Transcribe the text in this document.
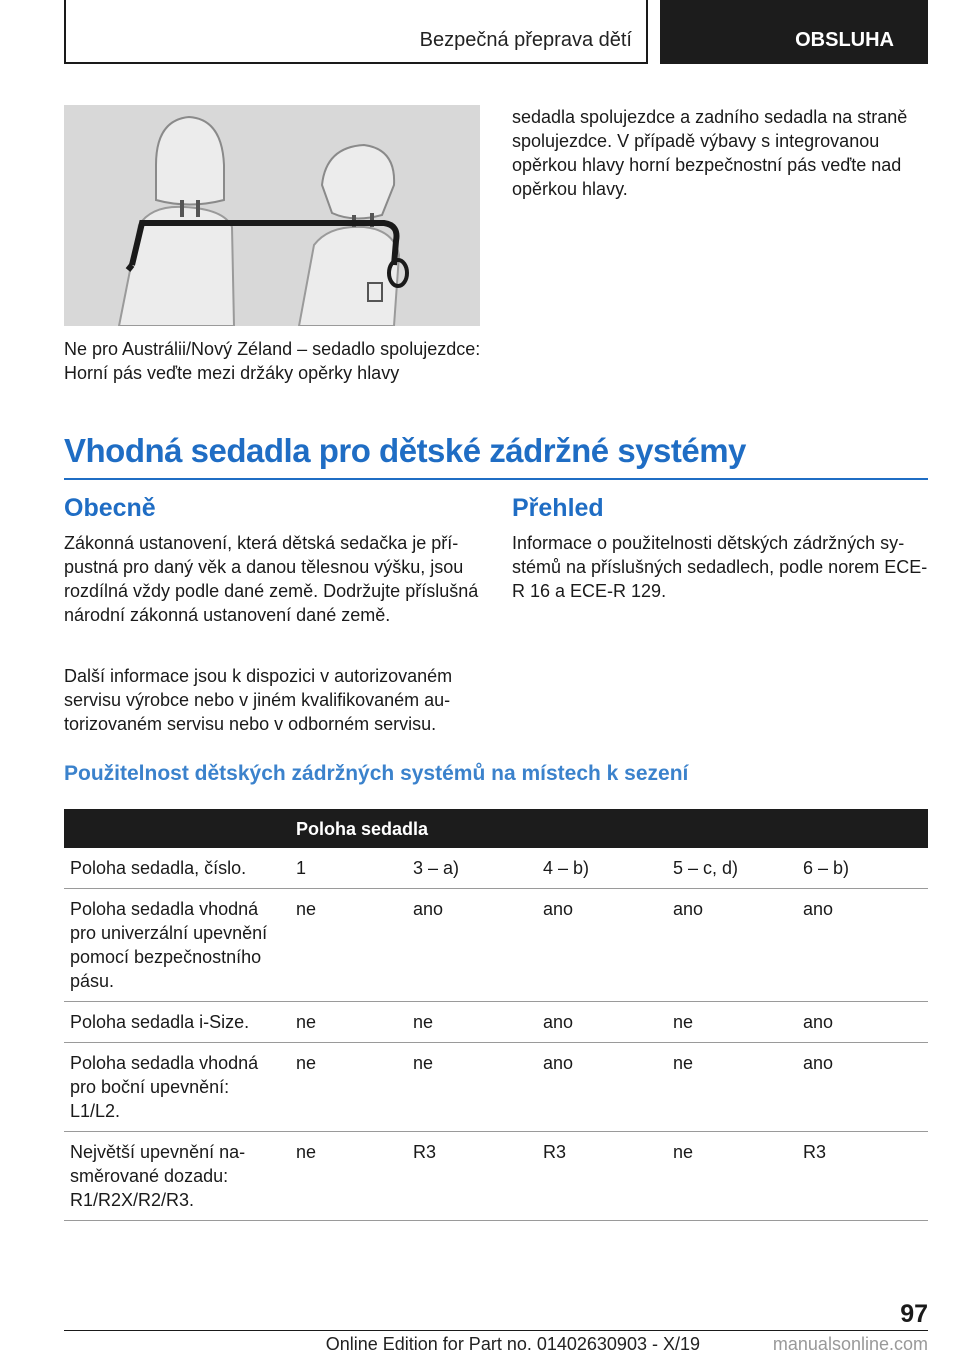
Bezpečná přeprava dětí	OBSLUHA
Ne pro Austrálii/Nový Zéland – sedadlo spolujezdce: Horní pás veďte mezi držáky opěrky hlavy
sedadla spolujezdce a zadního sedadla na straně spolujezdce. V případě výbavy s integrovanou opěrkou hlavy horní bezpečnostní pás veďte nad opěrkou hlavy.
Vhodná sedadla pro dětské zádržné systémy
Obecně

Zákonná ustanovení, která dětská sedačka je přípustná pro daný věk a danou tělesnou výšku, jsou rozdílná vždy podle dané země. Dodržujte příslušná národní zákonná ustanovení dané země.

Další informace jsou k dispozici v autorizovaném servisu výrobce nebo v jiném kvalifikovaném autorizovaném servisu nebo v odborném servisu.

Přehled

Informace o použitelnosti dětských zádržných systémů na příslušných sedadlech, podle norem ECE-R 16 a ECE-R 129.

Použitelnost dětských zádržných systémů na místech k sezení
	Poloha sedadla				
Poloha sedadla, číslo.	1	3 – a)	4 – b)	5 – c, d)	6 – b)
Poloha sedadla vhodná pro univerzální upevnění pomocí bezpečnostního pásu.	ne	ano	ano	ano	ano
Poloha sedadla i-Size.	ne	ne	ano	ne	ano
Poloha sedadla vhodná pro boční upevnění: L1/L2.	ne	ne	ano	ne	ano
Největší upevnění nasměrované dozadu: R1/R2X/R2/R3.	ne	R3	R3	ne	R3
97
Online Edition for Part no. 01402630903 - X/19	manualsonline.com
